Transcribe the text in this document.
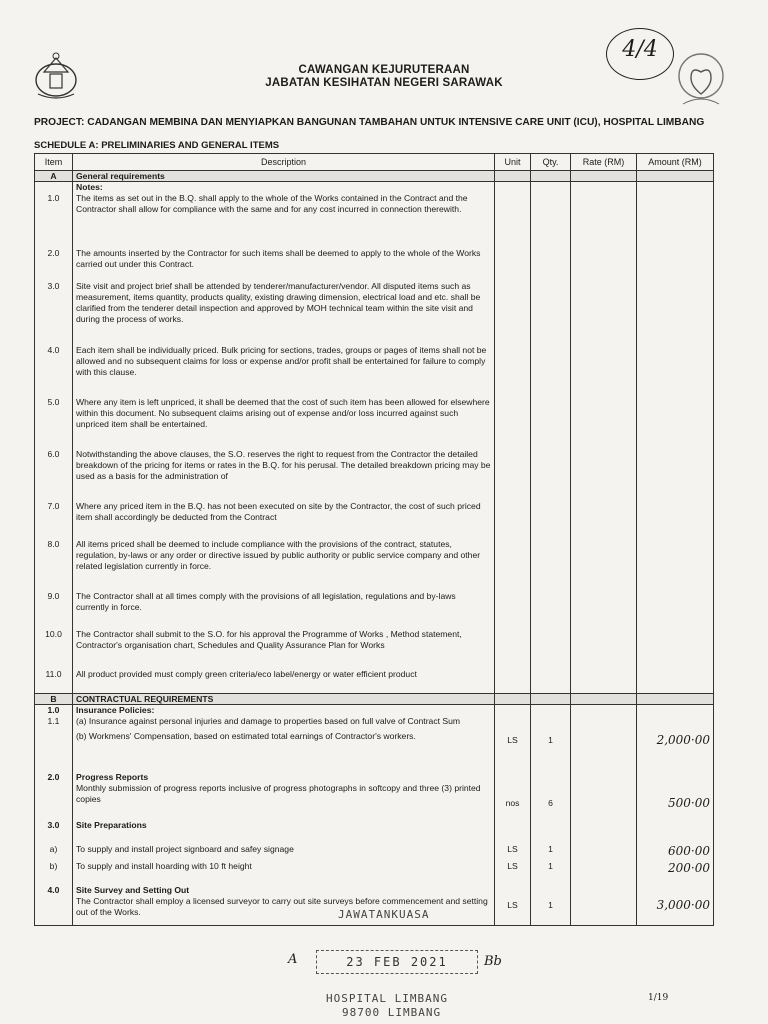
4/4
CAWANGAN KEJURUTERAAN
JABATAN KESIHATAN NEGERI SARAWAK
PROJECT: CADANGAN MEMBINA DAN MENYIAPKAN BANGUNAN TAMBAHAN UNTUK INTENSIVE CARE UNIT (ICU), HOSPITAL LIMBANG
SCHEDULE A: PRELIMINARIES AND GENERAL ITEMS
Item	Description	Unit	Qty.	Rate (RM)	Amount (RM)
A	General requirements				
	Notes:				
1.0	The items as set out in the B.Q. shall apply to the whole of the Works contained in the Contract and the Contractor shall allow for compliance with the same and for any cost incurred in connection therewith.				
2.0	The amounts inserted by the Contractor for such items shall be deemed to apply to the whole of the Works carried out under this Contract.				
3.0	Site visit and project brief shall be attended by tenderer/manufacturer/vendor. All disputed items such as measurement, items quantity, products quality, existing drawing dimension, electrical load and etc. shall be clarified from the tenderer detail inspection and approved by MOH technical team within the site visit and during the process of works.				
4.0	Each item shall be individually priced. Bulk pricing for sections, trades, groups or pages of items shall not be allowed and no subsequent claims for loss or expense and/or profit shall be entertained for failure to comply with this clause.				
5.0	Where any item is left unpriced, it shall be deemed that the cost of such item has been allowed for elsewhere within this document. No subsequent claims arising out of expense and/or loss incurred against such unpriced item shall be entertained.				
6.0	Notwithstanding the above clauses, the S.O. reserves the right to request from the Contractor the detailed breakdown of the pricing for items or rates in the B.Q. for his perusal. The detailed breakdown pricing may be used as a basis for the administration of				
7.0	Where any priced item in the B.Q. has not been executed on site by the Contractor, the cost of such priced item shall accordingly be deducted from the Contract				
8.0	All items priced shall be deemed to include compliance with the provisions of the contract, statutes, regulation, by-laws or any order or directive issued by public authority or public service company and other related legislation currently in force.				
9.0	The Contractor shall at all times comply with the provisions of all legislation, regulations and by-laws currently in force.				
10.0	The Contractor shall submit to the S.O. for his approval the Programme of Works , Method statement, Contractor's organisation chart, Schedules and Quality Assurance Plan for Works				
11.0	All product provided must comply green criteria/eco label/energy or water efficient product				
B	CONTRACTUAL REQUIREMENTS				
1.0	Insurance Policies:				
1.1	(a) Insurance against personal injuries and damage to properties based on full valve of Contract Sum
(b) Workmens' Compensation, based on estimated total earnings of Contractor's workers.	LS	1		2,000·00
2.0	Progress Reports
Monthly submission of progress reports inclusive of progress photographs in softcopy and three (3) printed copies	nos	6		500·00
3.0	Site Preparations				
a)	To supply and install project signboard and safey signage	LS	1		600·00
b)	To supply and install hoarding with 10 ft height	LS	1		200·00
4.0	Site Survey and Setting Out
The Contractor shall employ a licensed surveyor to carry out site surveys before commencement and setting out of the Works.	LS	1		3,000·00
JAWATANKUASA
A	23 FEB 2021	Bb
HOSPITAL LIMBANG
98700 LIMBANG
1/19
